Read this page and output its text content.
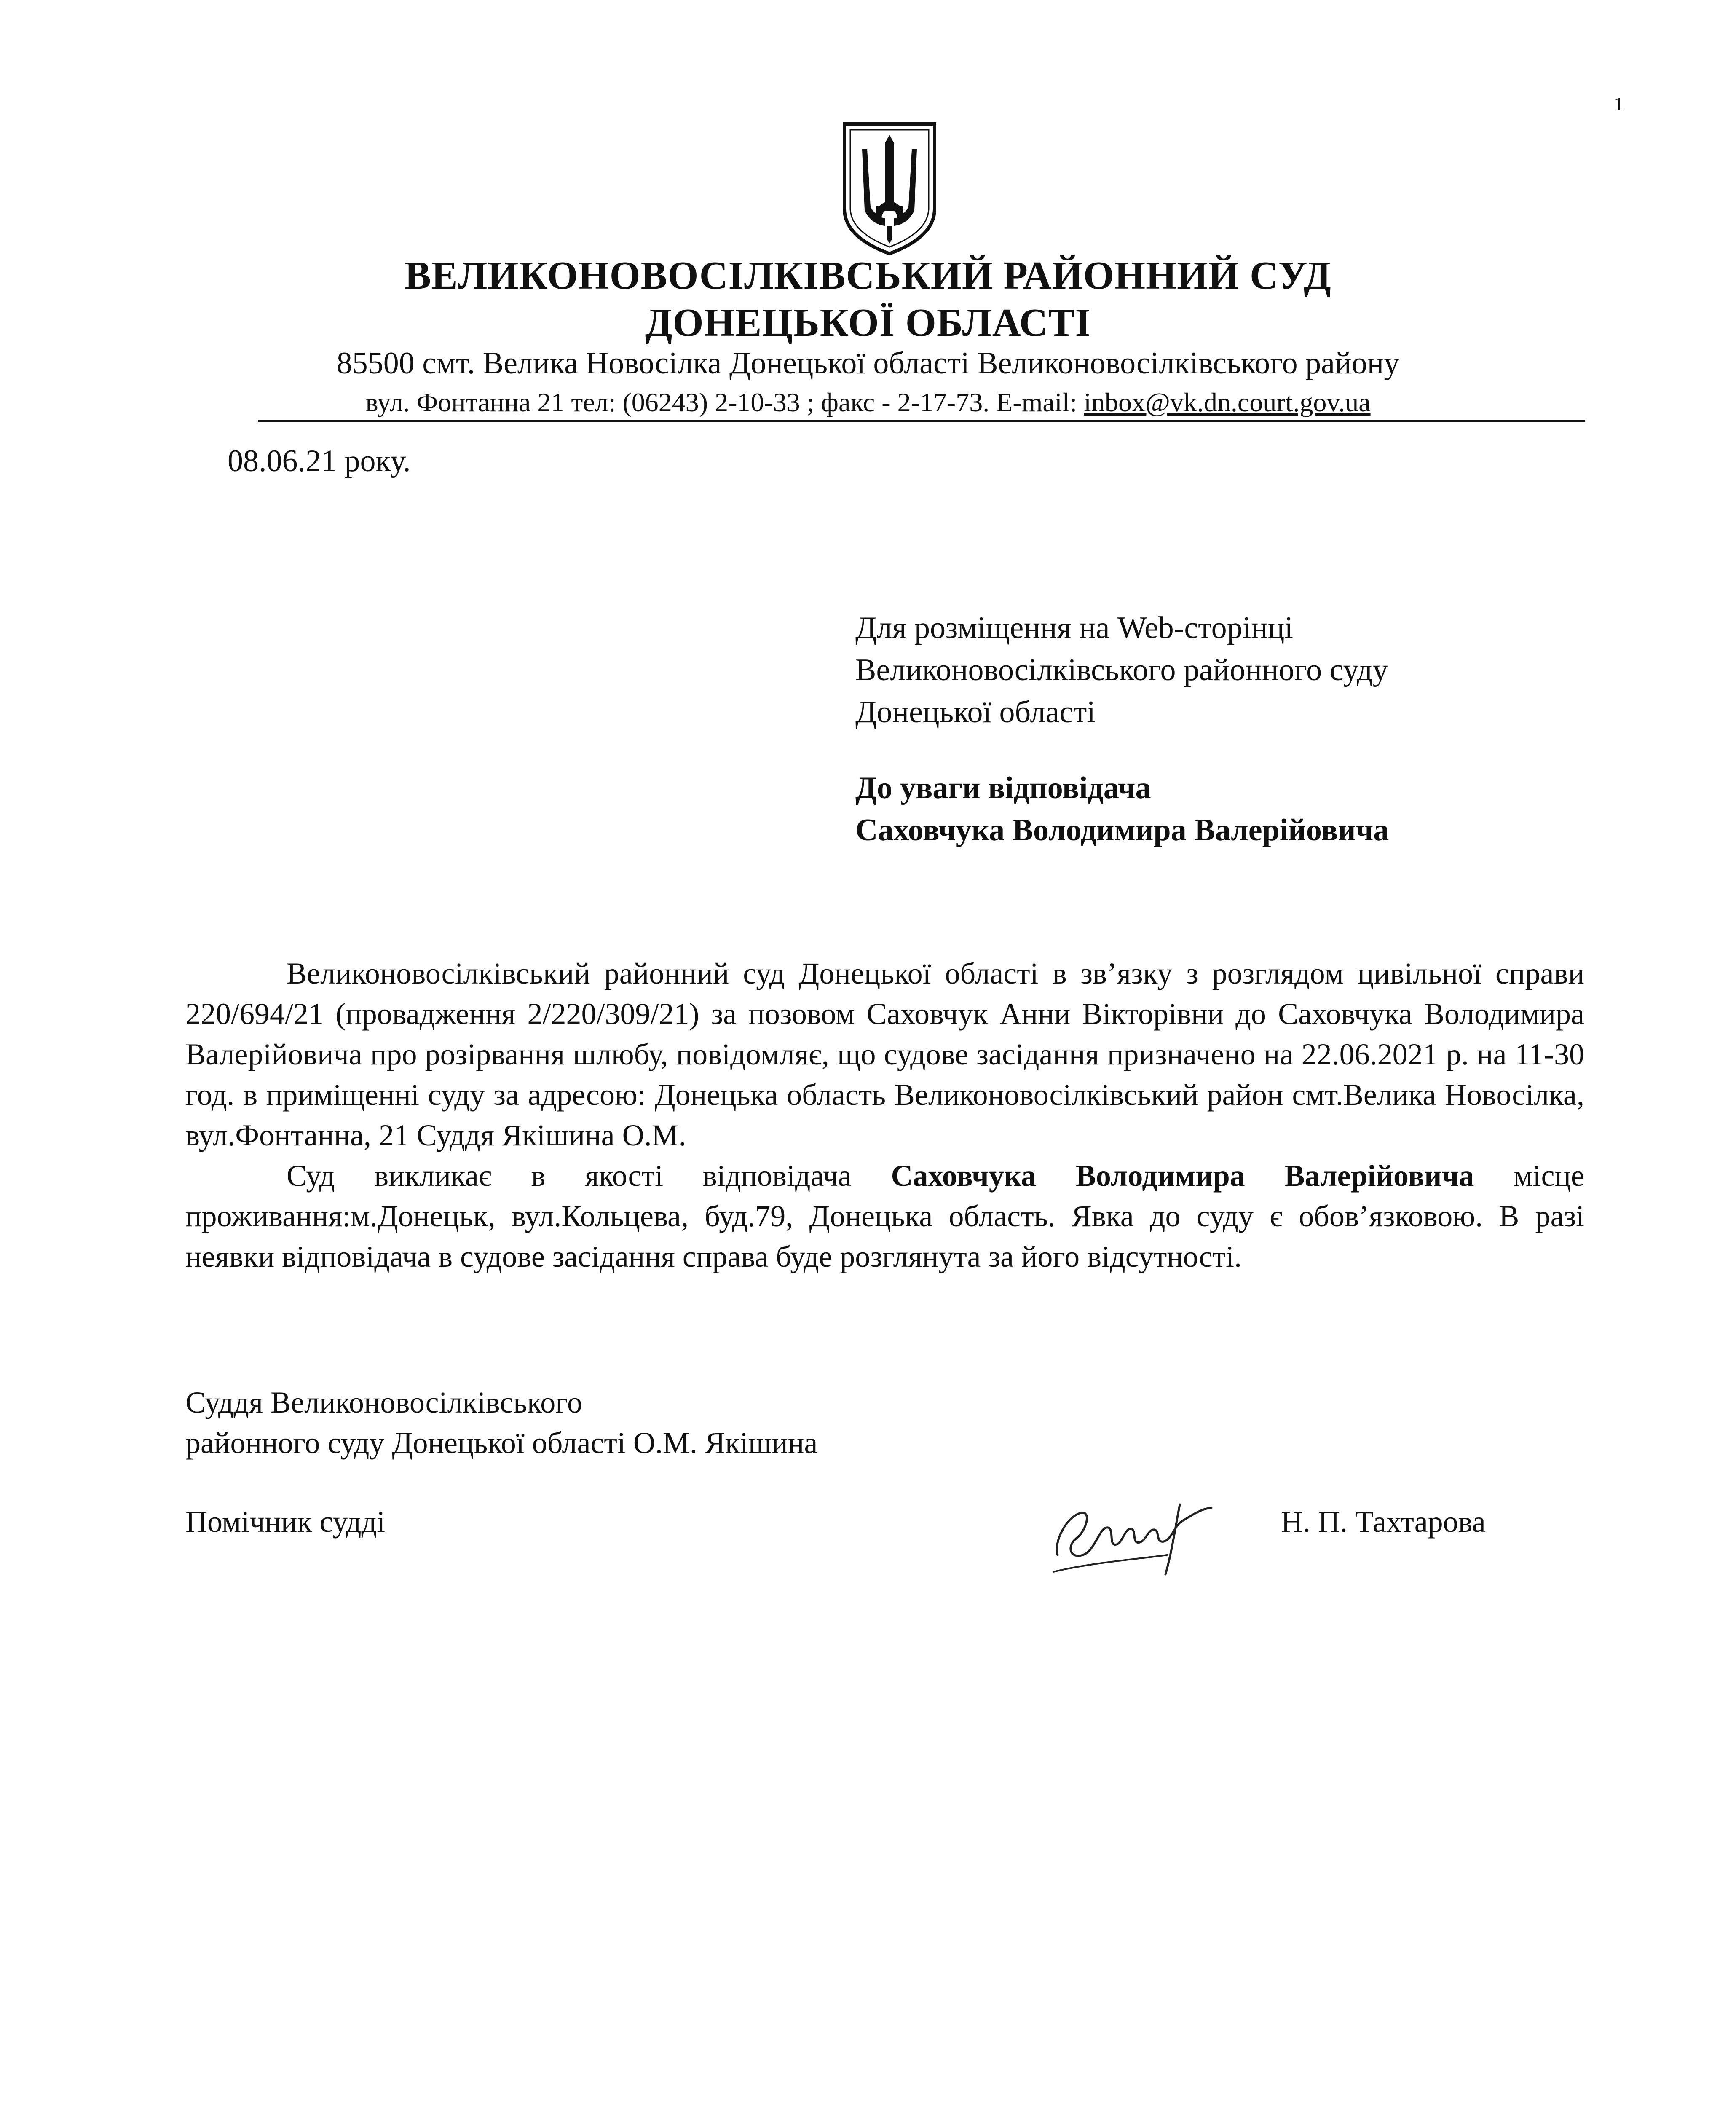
1
ВЕЛИКОНОВОСІЛКІВСЬКИЙ РАЙОННИЙ СУД
ДОНЕЦЬКОЇ ОБЛАСТІ
85500 смт. Велика Новосілка Донецької області Великоновосілківського району
вул. Фонтанна 21 тел: (06243) 2-10-33 ; факс - 2-17-73. E-mail: inbox@vk.dn.court.gov.ua
08.06.21 року.
Для розміщення на Web-сторінці
Великоновосілківського районного суду
Донецької області
До уваги відповідача
Саховчука Володимира Валерійовича

Великоновосілківський районний суд Донецької області в зв’язку з розглядом цивільної справи 220/694/21 (провадження 2/220/309/21) за позовом Саховчук Анни Вікторівни до Саховчука Володимира Валерійовича про розірвання шлюбу, повідомляє, що судове засідання призначено на 22.06.2021 р. на 11-30 год. в приміщенні суду за адресою: Донецька область Великоновосілківський район смт.Велика Новосілка, вул.Фонтанна, 21 Суддя Якішина О.М.

Суд викликає в якості відповідача Саховчука Володимира Валерійовича місце проживання:м.Донецьк, вул.Кольцева, буд.79, Донецька область. Явка до суду є обов’язковою. В разі неявки відповідача в судове засідання справа буде розглянута за його відсутності.

Суддя Великоновосілківського
районного суду Донецької області О.М. Якішина
Помічник судді	Н. П. Тахтарова
